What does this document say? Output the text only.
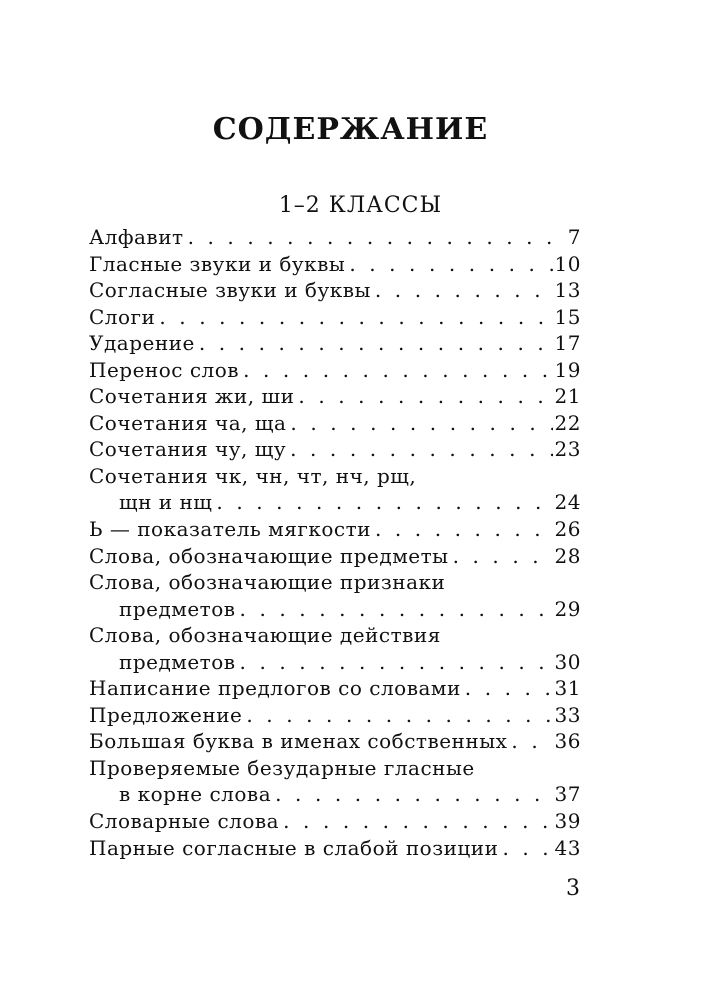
СОДЕРЖАНИЕ
1–2 КЛАССЫ
Алфавит . . .	7
Гласные звуки и буквы . . .	10
Согласные звуки и буквы . . .	13
Слоги . . .	15
Ударение . . .	17
Перенос слов . . .	19
Сочетания жи, ши . . .	21
Сочетания ча, ща . . .	22
Сочетания чу, щу . . .	23
Сочетания чк, чн, чт, нч, рщ,
щн и нщ . . .	24
Ь — показатель мягкости . . .	26
Слова, обозначающие предметы . . .	28
Слова, обозначающие признаки
предметов . . .	29
Слова, обозначающие действия
предметов . . .	30
Написание предлогов со словами . . .	31
Предложение . . .	33
Большая буква в именах собственных . . . 36
Проверяемые безударные гласные
в корне слова . . .	37
Словарные слова . . .	39
Парные согласные в слабой позиции . . .	43
3
